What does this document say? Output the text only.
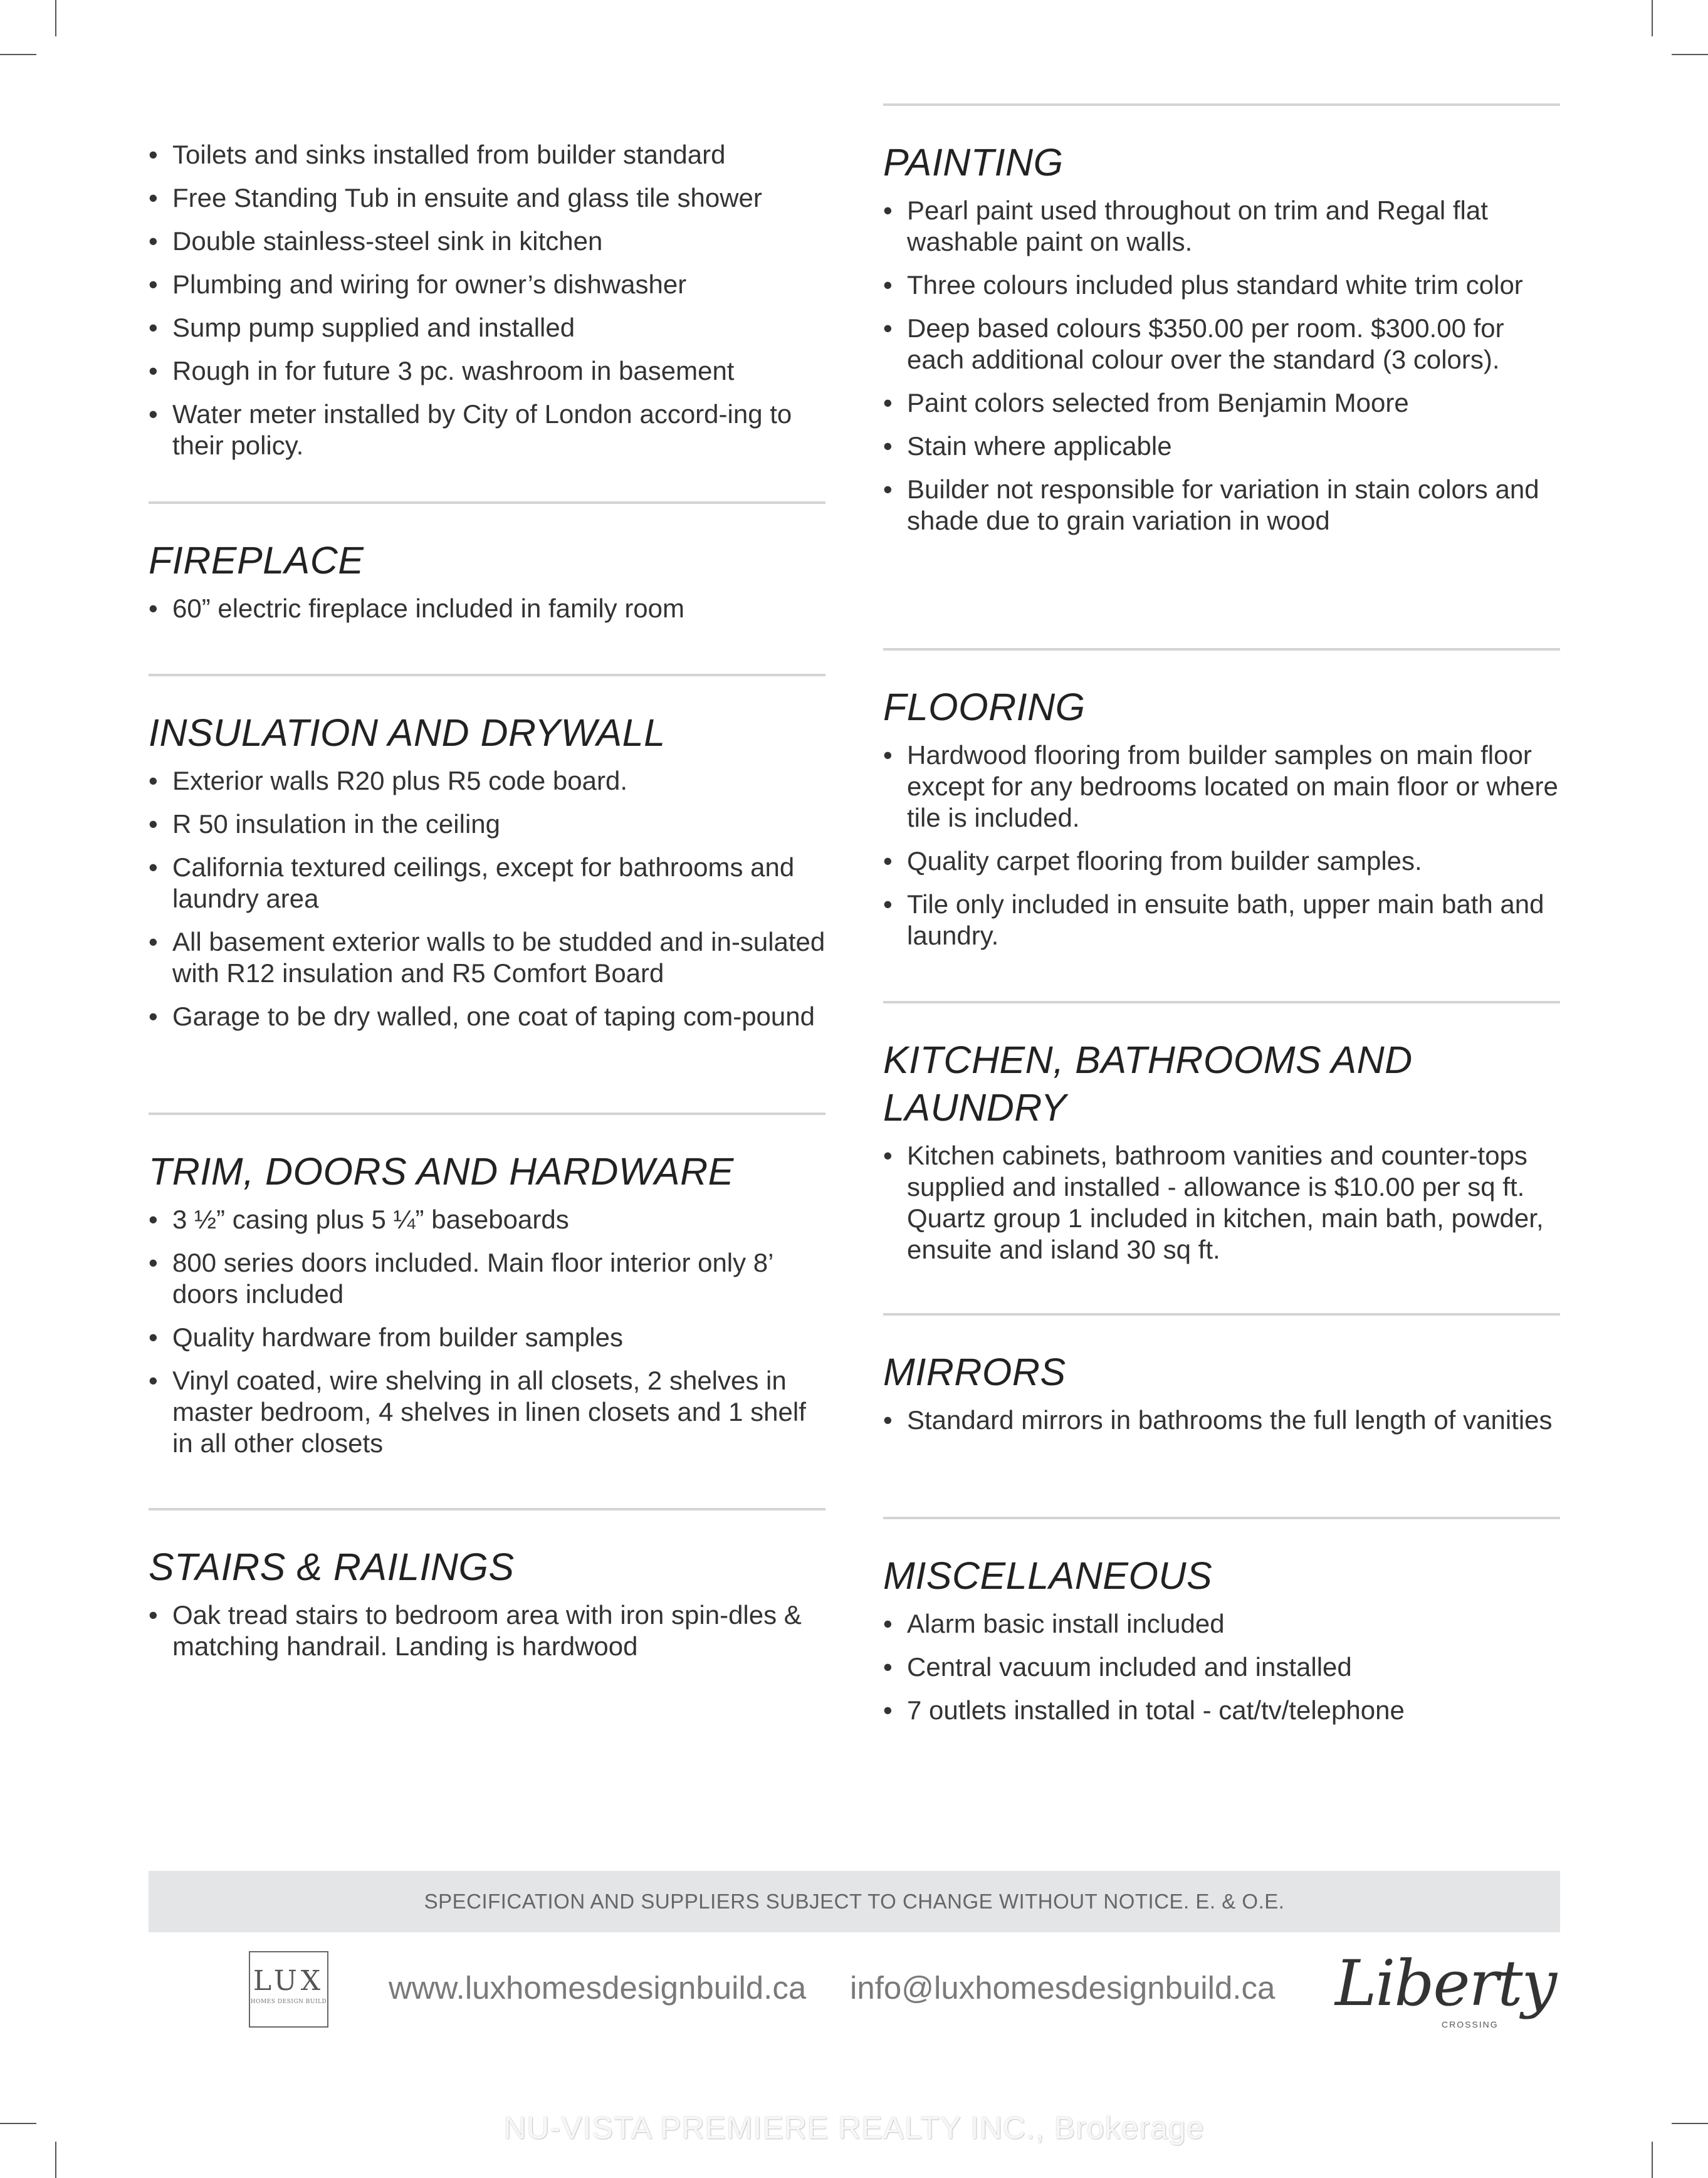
• Toilets and sinks installed from builder standard
• Free Standing Tub in ensuite and glass tile shower
• Double stainless-steel sink in kitchen
• Plumbing and wiring for owner’s dishwasher
• Sump pump supplied and installed
• Rough in for future 3 pc. washroom in basement
• Water meter installed by City of London accord-ing to their policy.
FIREPLACE
• 60” electric fireplace included in family room
INSULATION AND DRYWALL
• Exterior walls R20 plus R5 code board.
• R 50 insulation in the ceiling
• California textured ceilings, except for bathrooms and laundry area
• All basement exterior walls to be studded and in-sulated with R12 insulation and R5 Comfort Board
• Garage to be dry walled, one coat of taping com-pound
TRIM, DOORS AND HARDWARE
• 3 ½” casing plus 5 ¼” baseboards
• 800 series doors included. Main floor interior only 8’ doors included
• Quality hardware from builder samples
• Vinyl coated, wire shelving in all closets, 2 shelves in master bedroom, 4 shelves in linen closets and 1 shelf in all other closets
STAIRS & RAILINGS
• Oak tread stairs to bedroom area with iron spin-dles & matching handrail. Landing is hardwood
PAINTING
• Pearl paint used throughout on trim and Regal flat washable paint on walls.
• Three colours included plus standard white trim color
• Deep based colours $350.00 per room. $300.00 for each additional colour over the standard (3 colors).
• Paint colors selected from Benjamin Moore
• Stain where applicable
• Builder not responsible for variation in stain colors and shade due to grain variation in wood
FLOORING
• Hardwood flooring from builder samples on main floor except for any bedrooms located on main floor or where tile is included.
• Quality carpet flooring from builder samples.
• Tile only included in ensuite bath, upper main bath and laundry.
KITCHEN, BATHROOMS AND LAUNDRY
• Kitchen cabinets, bathroom vanities and counter-tops supplied and installed - allowance is $10.00 per sq ft. Quartz group 1 included in kitchen, main bath, powder, ensuite and island 30 sq ft.
MIRRORS
• Standard mirrors in bathrooms the full length of vanities
MISCELLANEOUS
• Alarm basic install included
• Central vacuum included and installed
• 7 outlets installed in total - cat/tv/telephone
SPECIFICATION AND SUPPLIERS SUBJECT TO CHANGE WITHOUT NOTICE. E. & O.E.
LUX
HOMES DESIGN BUILD www.luxhomesdesignbuild.ca info@luxhomesdesignbuild.ca Liberty
CROSSING
NU-VISTA PREMIERE REALTY INC., Brokerage
